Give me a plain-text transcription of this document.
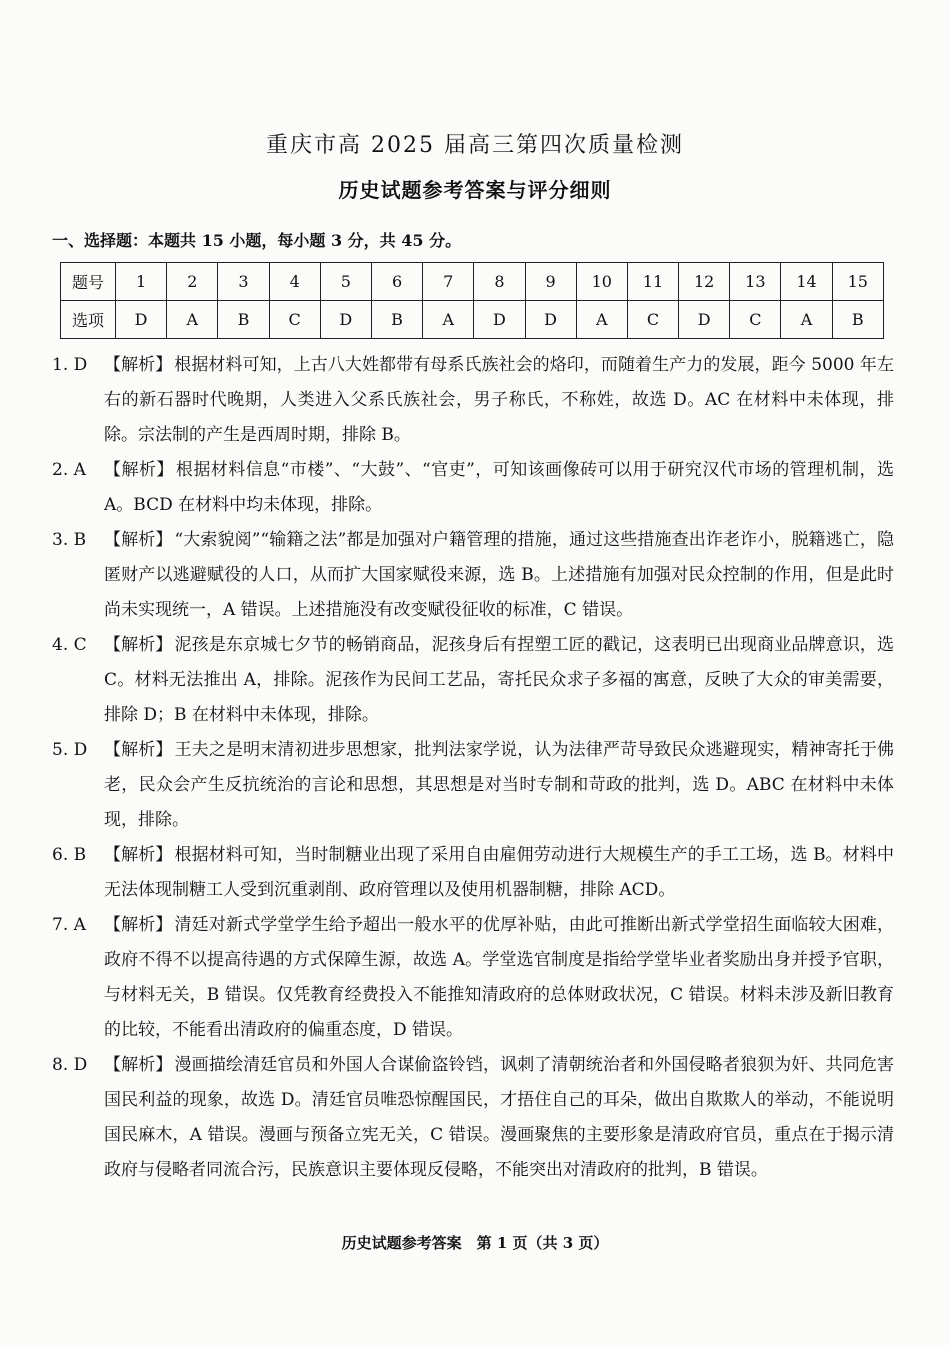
重庆市高 2025 届高三第四次质量检测
历史试题参考答案与评分细则
一、选择题：本题共 15 小题，每小题 3 分，共 45 分。
题号	1	2	3	4	5	6	7	8	9	10	11	12	13	14	15
选项	D	A	B	C	D	B	A	D	D	A	C	D	C	A	B
1. D 【解析】 根据材料可知，上古八大姓都带有母系氏族社会的烙印，而随着生产力的发展，距今 5000 年左右的新石器时代晚期，人类进入父系氏族社会，男子称氏，不称姓，故选 D。AC 在材料中未体现，排除。宗法制的产生是西周时期，排除 B。
2. A	【解析】 根据材料信息“市楼”、“大鼓”、“官吏”，可知该画像砖可以用于研究汉代市场的管理机制，选 A。BCD 在材料中均未体现，排除。
3. B	【解析】 “大索貌阅”“输籍之法”都是加强对户籍管理的措施，通过这些措施查出诈老诈小，脱籍逃亡，隐匿财产以逃避赋役的人口，从而扩大国家赋役来源，选 B。上述措施有加强对民众控制的作用，但是此时尚未实现统一，A 错误。上述措施没有改变赋役征收的标准，C 错误。
4. C	【解析】 泥孩是东京城七夕节的畅销商品，泥孩身后有捏塑工匠的戳记，这表明已出现商业品牌意识，选 C。材料无法推出 A，排除。泥孩作为民间工艺品，寄托民众求子多福的寓意，反映了大众的审美需要，排除 D；B 在材料中未体现，排除。
5. D 【解析】 王夫之是明末清初进步思想家，批判法家学说，认为法律严苛导致民众逃避现实，精神寄托于佛老，民众会产生反抗统治的言论和思想，其思想是对当时专制和苛政的批判，选 D。ABC 在材料中未体现，排除。
6. B	【解析】 根据材料可知，当时制糖业出现了采用自由雇佣劳动进行大规模生产的手工工场，选 B。材料中无法体现制糖工人受到沉重剥削、政府管理以及使用机器制糖，排除 ACD。
7. A	【解析】 清廷对新式学堂学生给予超出一般水平的优厚补贴，由此可推断出新式学堂招生面临较大困难，政府不得不以提高待遇的方式保障生源，故选 A。学堂选官制度是指给学堂毕业者奖励出身并授予官职，与材料无关，B 错误。仅凭教育经费投入不能推知清政府的总体财政状况，C 错误。材料未涉及新旧教育的比较，不能看出清政府的偏重态度，D 错误。
8. D 【解析】 漫画描绘清廷官员和外国人合谋偷盗铃铛，讽刺了清朝统治者和外国侵略者狼狈为奸、共同危害国民利益的现象，故选 D。清廷官员唯恐惊醒国民，才捂住自己的耳朵，做出自欺欺人的举动，不能说明国民麻木，A 错误。漫画与预备立宪无关，C 错误。漫画聚焦的主要形象是清政府官员，重点在于揭示清政府与侵略者同流合污，民族意识主要体现反侵略，不能突出对清政府的批判，B 错误。
历史试题参考答案　第 1 页（共 3 页）
